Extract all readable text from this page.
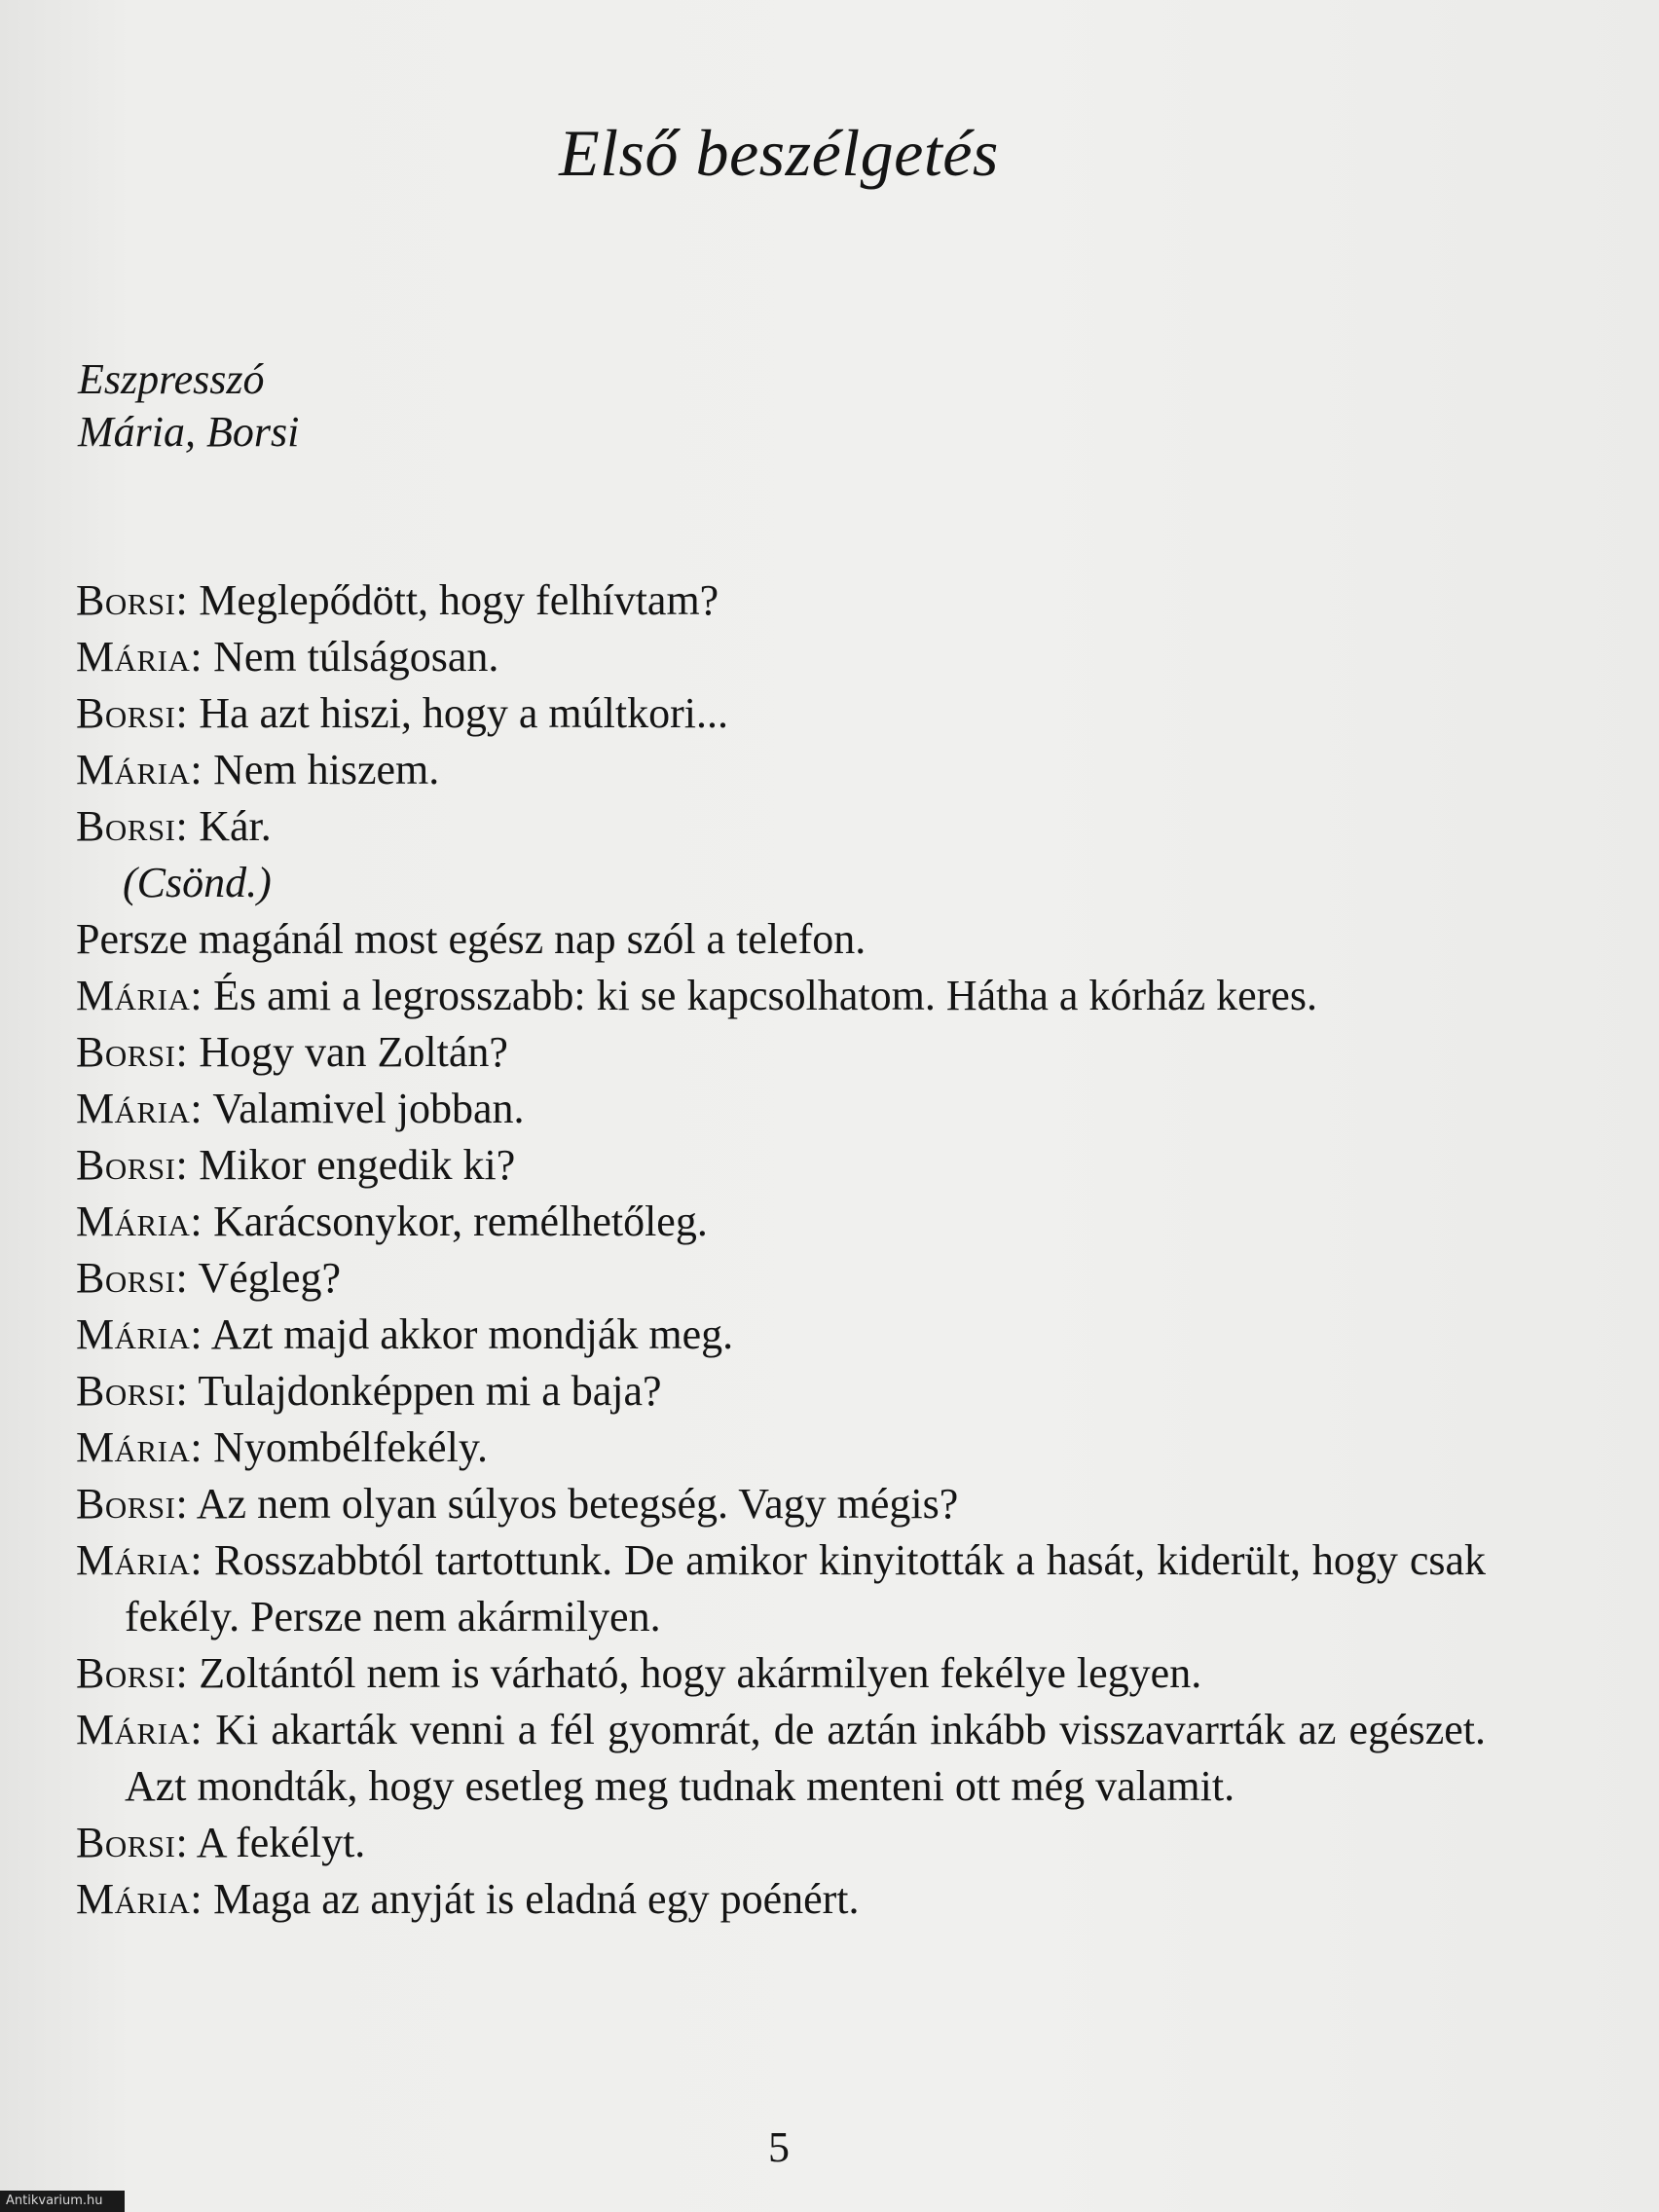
Első beszélgetés
Eszpresszó
Mária, Borsi
Borsi: Meglepődött, hogy felhívtam?
Mária: Nem túlságosan.
Borsi: Ha azt hiszi, hogy a múltkori...
Mária: Nem hiszem.
Borsi: Kár.
(Csönd.)
Persze magánál most egész nap szól a telefon.
Mária: És ami a legrosszabb: ki se kapcsolhatom. Hátha a kórház keres.
Borsi: Hogy van Zoltán?
Mária: Valamivel jobban.
Borsi: Mikor engedik ki?
Mária: Karácsonykor, remélhetőleg.
Borsi: Végleg?
Mária: Azt majd akkor mondják meg.
Borsi: Tulajdonképpen mi a baja?
Mária: Nyombélfekély.
Borsi: Az nem olyan súlyos betegség. Vagy mégis?
Mária: Rosszabbtól tartottunk. De amikor kinyitották a hasát, kiderült, hogy csak fekély. Persze nem akármilyen.
Borsi: Zoltántól nem is várható, hogy akármilyen fekélye legyen.
Mária: Ki akarták venni a fél gyomrát, de aztán inkább visszavarrták az egészet. Azt mondták, hogy esetleg meg tudnak menteni ott még valamit.
Borsi: A fekélyt.
Mária: Maga az anyját is eladná egy poénért.
5
Antikvarium.hu
